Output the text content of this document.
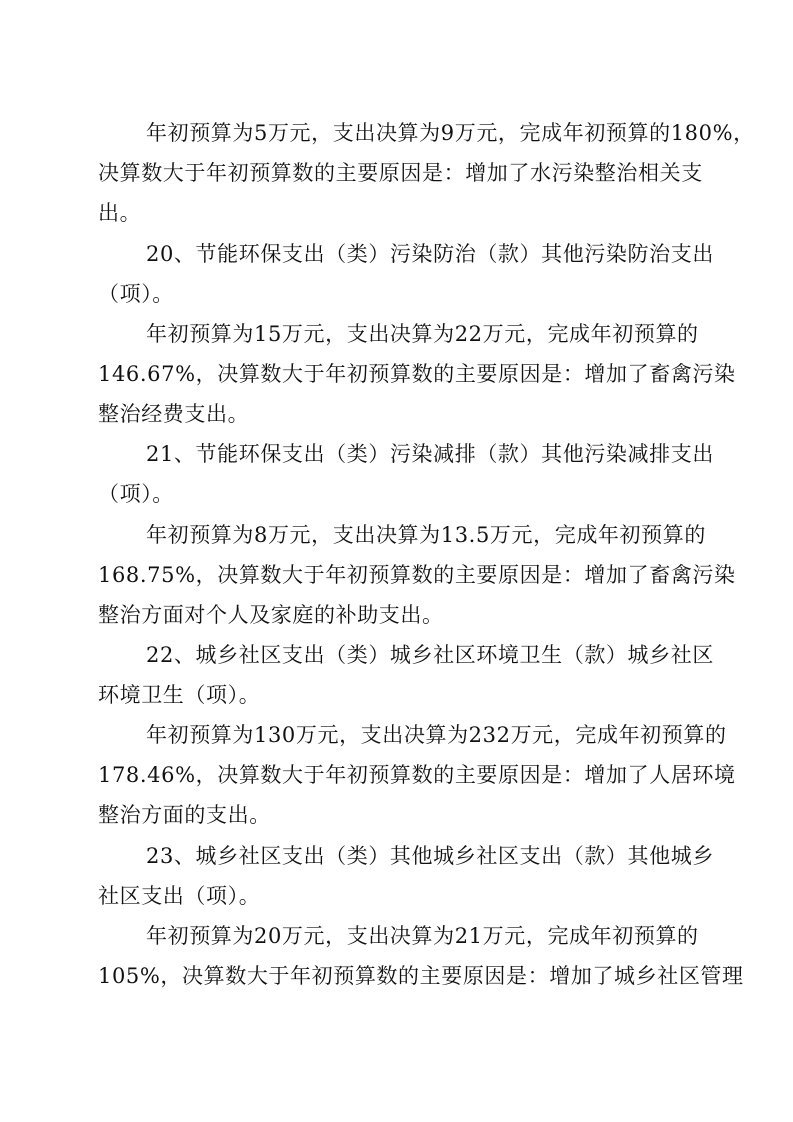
年初预算为5万元，支出决算为9万元，完成年初预算的180%，
决算数大于年初预算数的主要原因是：增加了水污染整治相关支
出。
20、节能环保支出（类）污染防治（款）其他污染防治支出
（项）。
年初预算为15万元，支出决算为22万元，完成年初预算的
146.67%，决算数大于年初预算数的主要原因是：增加了畜禽污染
整治经费支出。
21、节能环保支出（类）污染减排（款）其他污染减排支出
（项）。
年初预算为8万元，支出决算为13.5万元，完成年初预算的
168.75%，决算数大于年初预算数的主要原因是：增加了畜禽污染
整治方面对个人及家庭的补助支出。
22、城乡社区支出（类）城乡社区环境卫生（款）城乡社区
环境卫生（项）。
年初预算为130万元，支出决算为232万元，完成年初预算的
178.46%，决算数大于年初预算数的主要原因是：增加了人居环境
整治方面的支出。
23、城乡社区支出（类）其他城乡社区支出（款）其他城乡
社区支出（项）。
年初预算为20万元，支出决算为21万元，完成年初预算的
105%，决算数大于年初预算数的主要原因是：增加了城乡社区管理
